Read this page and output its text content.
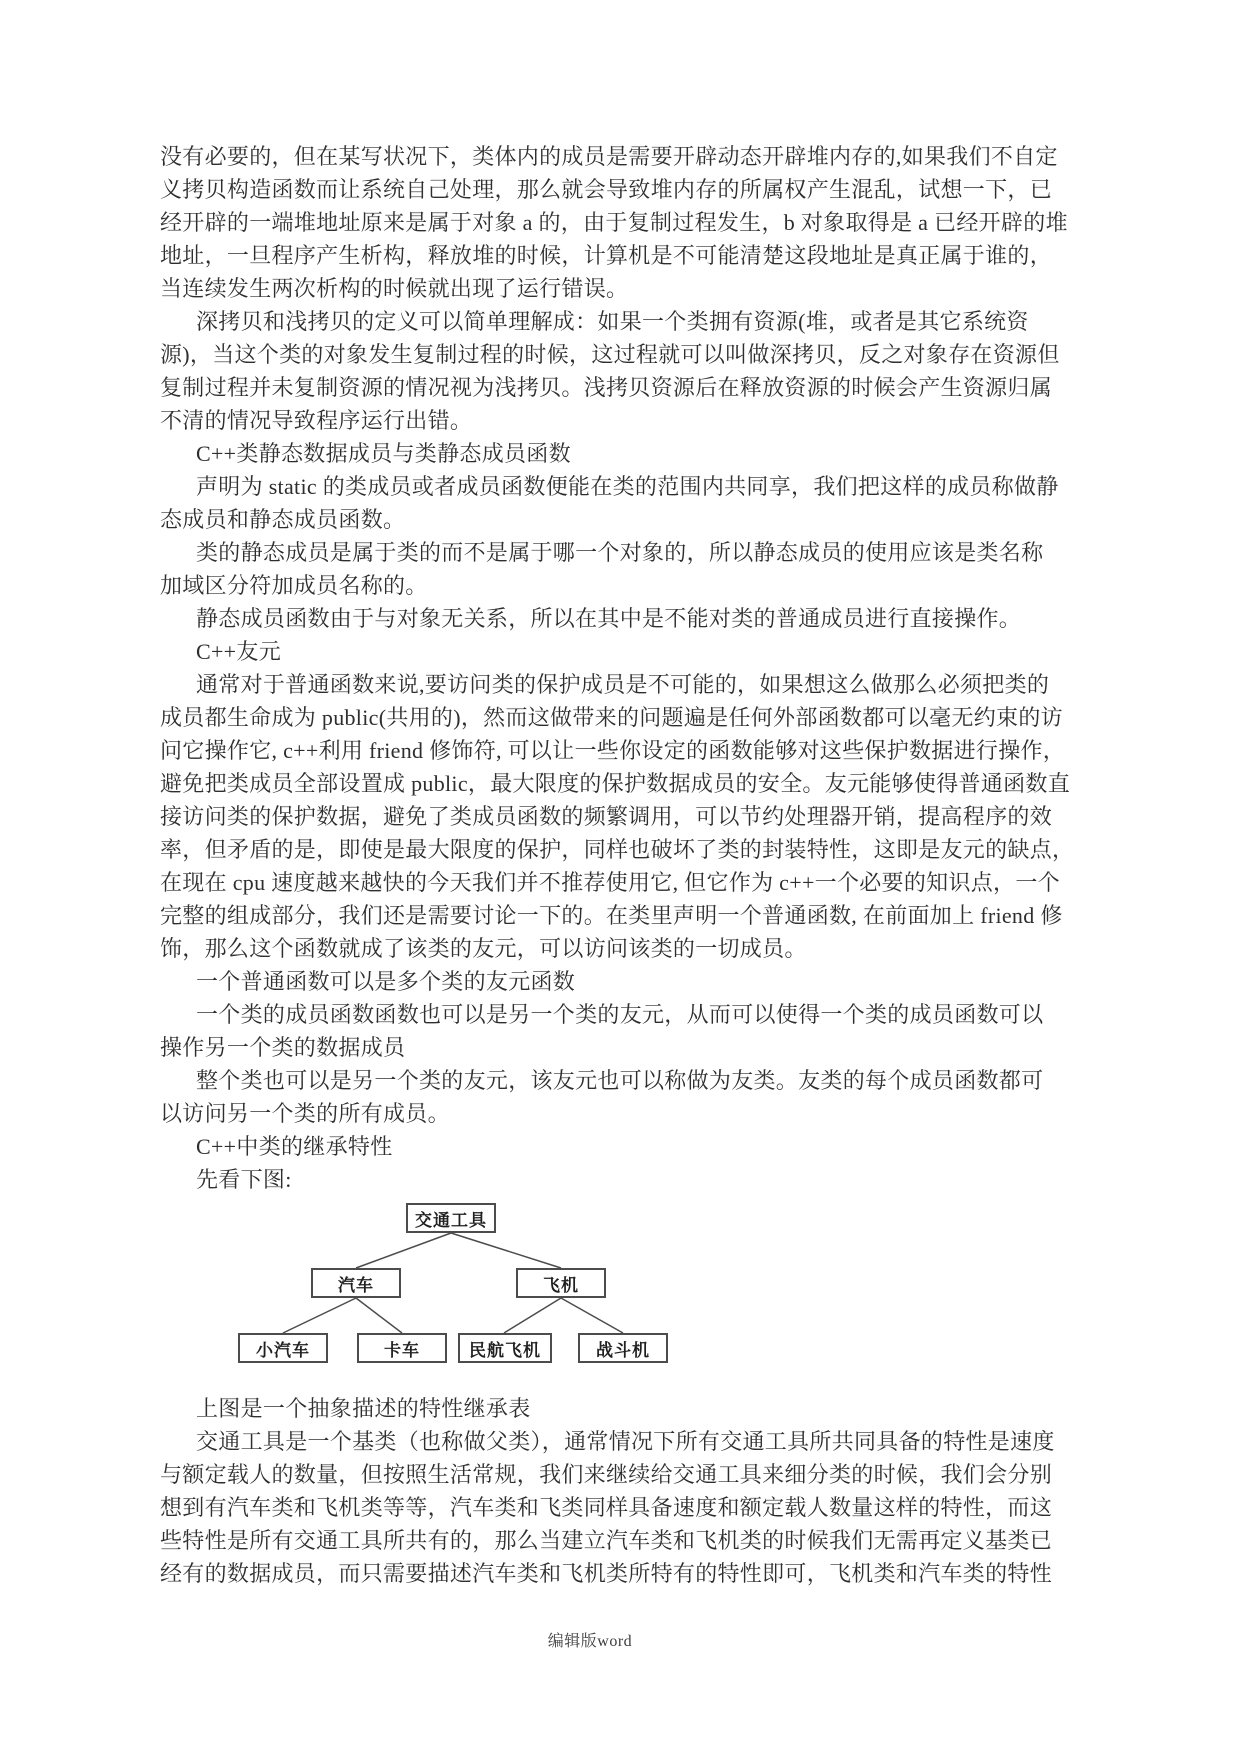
没有必要的，但在某写状况下，类体内的成员是需要开辟动态开辟堆内存的,如果我们不自定
义拷贝构造函数而让系统自己处理，那么就会导致堆内存的所属权产生混乱，试想一下，已
经开辟的一端堆地址原来是属于对象 a 的，由于复制过程发生，b 对象取得是 a 已经开辟的堆
地址，一旦程序产生析构，释放堆的时候，计算机是不可能清楚这段地址是真正属于谁的，
当连续发生两次析构的时候就出现了运行错误。
深拷贝和浅拷贝的定义可以简单理解成：如果一个类拥有资源(堆，或者是其它系统资
源)，当这个类的对象发生复制过程的时候，这过程就可以叫做深拷贝，反之对象存在资源但
复制过程并未复制资源的情况视为浅拷贝。浅拷贝资源后在释放资源的时候会产生资源归属
不清的情况导致程序运行出错。
C++类静态数据成员与类静态成员函数
声明为 static 的类成员或者成员函数便能在类的范围内共同享，我们把这样的成员称做静
态成员和静态成员函数。
类的静态成员是属于类的而不是属于哪一个对象的，所以静态成员的使用应该是类名称
加域区分符加成员名称的。
静态成员函数由于与对象无关系，所以在其中是不能对类的普通成员进行直接操作。
C++友元
通常对于普通函数来说,要访问类的保护成员是不可能的，如果想这么做那么必须把类的
成员都生命成为 public(共用的)，然而这做带来的问题遍是任何外部函数都可以毫无约束的访
问它操作它, c++利用 friend 修饰符, 可以让一些你设定的函数能够对这些保护数据进行操作，
避免把类成员全部设置成 public，最大限度的保护数据成员的安全。友元能够使得普通函数直
接访问类的保护数据，避免了类成员函数的频繁调用，可以节约处理器开销，提高程序的效
率，但矛盾的是，即使是最大限度的保护，同样也破坏了类的封装特性，这即是友元的缺点，
在现在 cpu 速度越来越快的今天我们并不推荐使用它, 但它作为 c++一个必要的知识点，一个
完整的组成部分，我们还是需要讨论一下的。在类里声明一个普通函数, 在前面加上 friend 修
饰，那么这个函数就成了该类的友元，可以访问该类的一切成员。
一个普通函数可以是多个类的友元函数
一个类的成员函数函数也可以是另一个类的友元，从而可以使得一个类的成员函数可以
操作另一个类的数据成员
整个类也可以是另一个类的友元，该友元也可以称做为友类。友类的每个成员函数都可
以访问另一个类的所有成员。
C++中类的继承特性
先看下图:
交通工具
汽车	飞机
小汽车	卡车	民航飞机	战斗机
上图是一个抽象描述的特性继承表
交通工具是一个基类（也称做父类），通常情况下所有交通工具所共同具备的特性是速度
与额定载人的数量，但按照生活常规，我们来继续给交通工具来细分类的时候，我们会分别
想到有汽车类和飞机类等等，汽车类和飞类同样具备速度和额定载人数量这样的特性，而这
些特性是所有交通工具所共有的，那么当建立汽车类和飞机类的时候我们无需再定义基类已
经有的数据成员，而只需要描述汽车类和飞机类所特有的特性即可，飞机类和汽车类的特性
编辑版word
